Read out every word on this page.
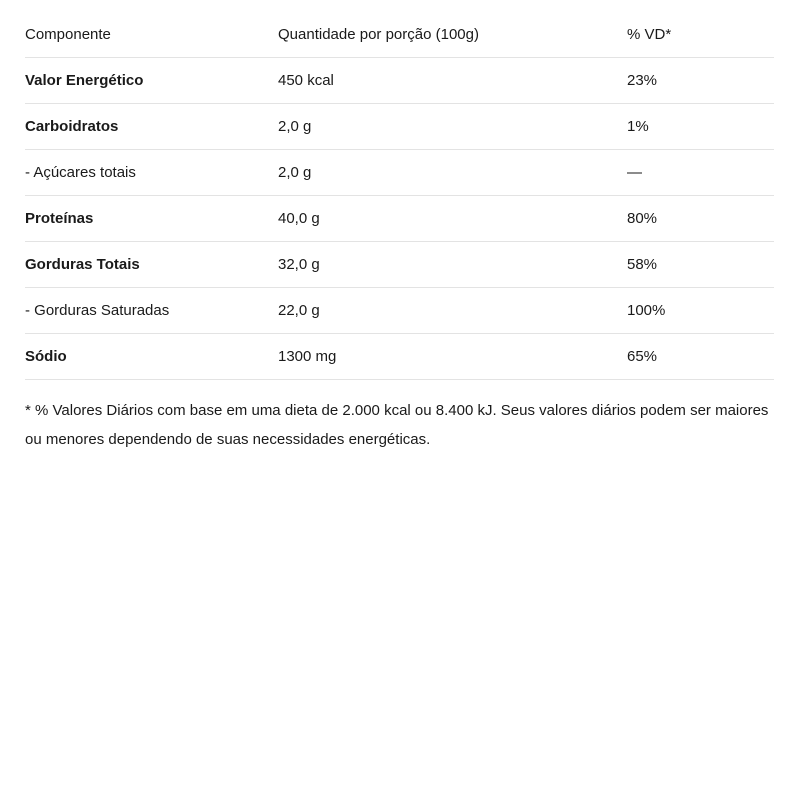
Componente	Quantidade por porção (100g)	% VD*
Valor Energético	450 kcal	23%
Carboidratos	2,0 g	1%
- Açúcares totais	2,0 g	—
Proteínas	40,0 g	80%
Gorduras Totais	32,0 g	58%
- Gorduras Saturadas	22,0 g	100%
Sódio	1300 mg	65%

* % Valores Diários com base em uma dieta de 2.000 kcal ou 8.400 kJ. Seus valores diários podem ser maiores ou menores dependendo de suas necessidades energéticas.
